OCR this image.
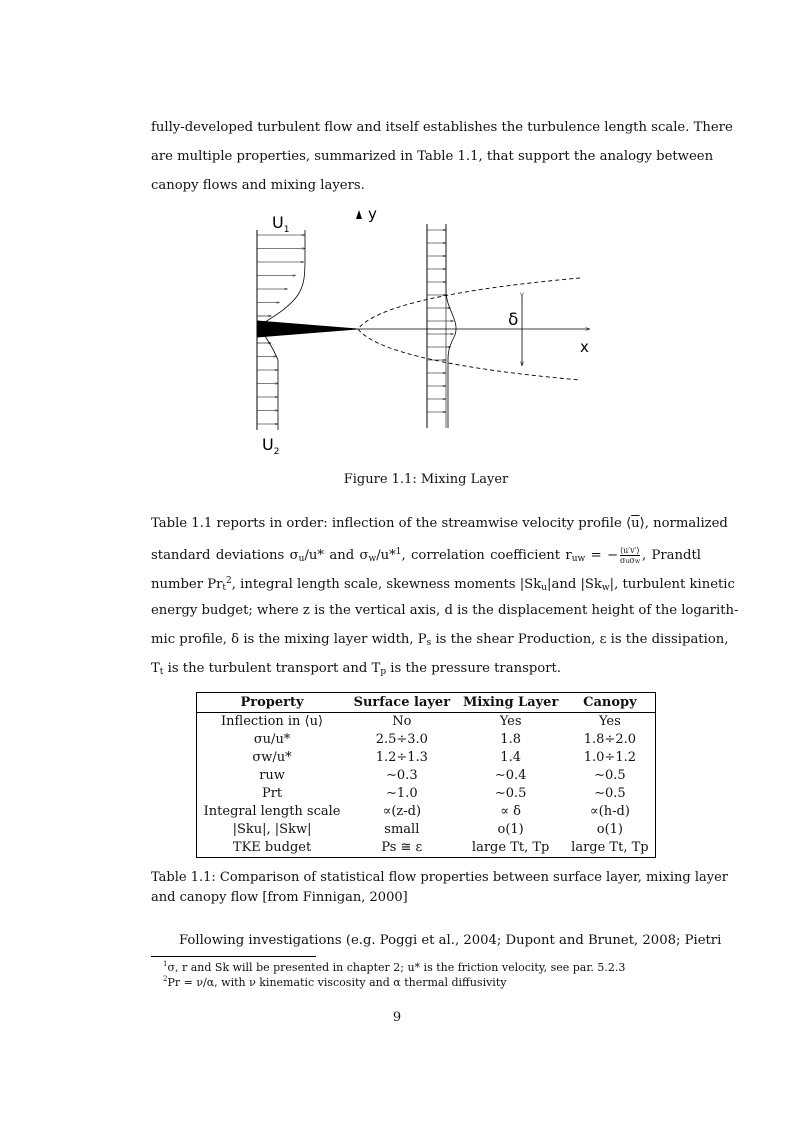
fully-developed turbulent flow and itself establishes the turbulence length scale. There
are multiple properties, summarized in Table 1.1, that support the analogy between
canopy flows and mixing layers.
$U_1$
y
δ
x
$U_2$
Figure 1.1: Mixing Layer
Table 1.1 reports in order: inflection of the streamwise velocity profile $⟨\overline{u}⟩$, normalized
standard deviations $\sigma_u/u*$ and $\sigma_w/u*^1$, correlation coefficient $r_{uw}$ = − ⟨u′v′⟩
σuσw , Prandtl
number $Pr_t^2$, integral length scale, skewness moments $|Sk_u|and$ $|Sk_w|$, turbulent kinetic
energy budget; where z is the vertical axis, d is the displacement height of the logarith-
mic profile, δ is the mixing layer width, $P_s$ is the shear Production, ε is the dissipation,
$T_t$ is the turbulent transport and $T_p$ is the pressure transport.
Property	Surface layer	Mixing Layer	Canopy
Inflection in ⟨u⟩	No	Yes	Yes
σu/u*	2.5÷3.0	1.8	1.8÷2.0
σw/u*	1.2÷1.3	1.4	1.0÷1.2
ruw	∼0.3	∼0.4	∼0.5
Prt	∼1.0	∼0.5	∼0.5
Integral length scale	∝(z-d)	∝ δ	∝(h-d)
|Sku|, |Skw|	small	o(1)	o(1)
TKE budget	Ps ≅ ε	large Tt, Tp	large Tt, Tp
Table 1.1: Comparison of statistical flow properties between surface layer, mixing layer
and canopy flow [from Finnigan, 2000]
Following investigations (e.g. Poggi et al., 2004; Dupont and Brunet, 2008; Pietri
$^1$σ, r and Sk will be presented in chapter 2; u* is the friction velocity, see par. 5.2.3
$^2$Pr = ν/α, with ν kinematic viscosity and α thermal diffusivity
9
